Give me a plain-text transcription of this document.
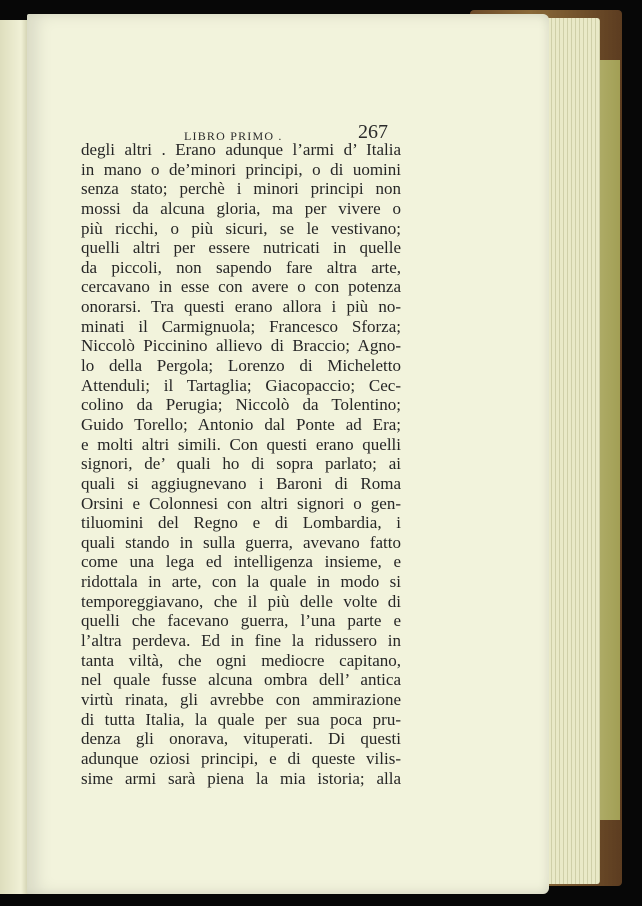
LIBRO PRIMO .	267
degli altri . Erano adunque l’armi d’ Italia
in mano o de’minori principi, o di uomini
senza stato; perchè i minori principi non
mossi da alcuna gloria, ma per vivere o
più ricchi, o più sicuri, se le vestivano;
quelli altri per essere nutricati in quelle
da piccoli, non sapendo fare altra arte,
cercavano in esse con avere o con potenza
onorarsi. Tra questi erano allora i più no-
minati il Carmignuola; Francesco Sforza;
Niccolò Piccinino allievo di Braccio; Agno-
lo della Pergola; Lorenzo di Micheletto
Attenduli; il Tartaglia; Giacopaccio; Cec-
colino da Perugia; Niccolò da Tolentino;
Guido Torello; Antonio dal Ponte ad Era;
e molti altri simili. Con questi erano quelli
signori, de’ quali ho di sopra parlato; ai
quali si aggiugnevano i Baroni di Roma
Orsini e Colonnesi con altri signori o gen-
tiluomini del Regno e di Lombardia, i
quali stando in sulla guerra, avevano fatto
come una lega ed intelligenza insieme, e
ridottala in arte, con la quale in modo si
temporeggiavano, che il più delle volte di
quelli che facevano guerra, l’una parte e
l’altra perdeva. Ed in fine la ridussero in
tanta viltà, che ogni mediocre capitano,
nel quale fusse alcuna ombra dell’ antica
virtù rinata, gli avrebbe con ammirazione
di tutta Italia, la quale per sua poca pru-
denza gli onorava, vituperati. Di questi
adunque oziosi principi, e di queste vilis-
sime armi sarà piena la mia istoria; alla
